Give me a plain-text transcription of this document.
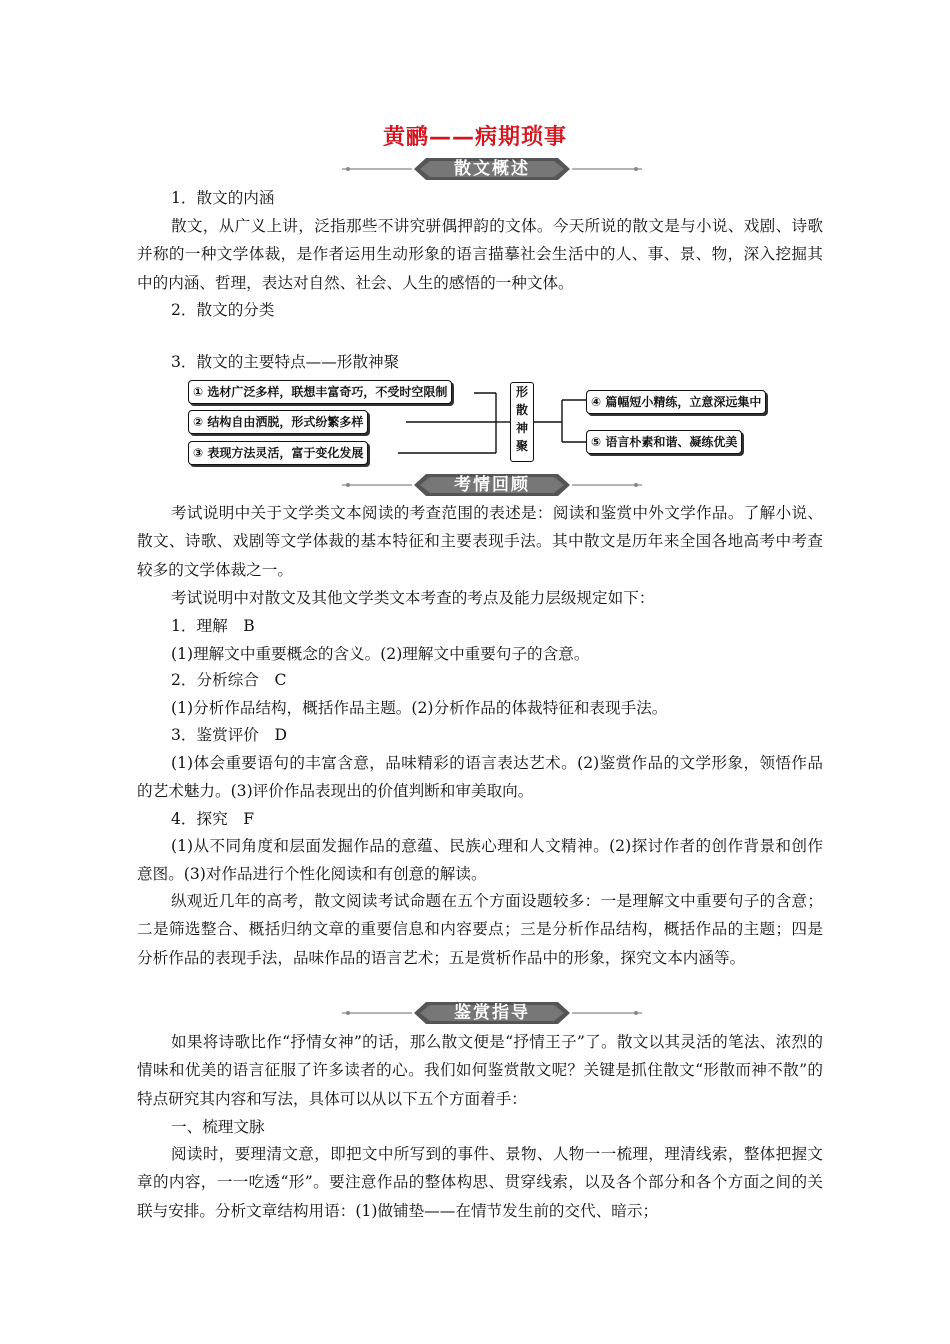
黄鹂——病期琐事
散文概述
1．散文的内涵
散文，从广义上讲，泛指那些不讲究骈偶押韵的文体。今天所说的散文是与小说、戏剧、诗歌并称的一种文学体裁，是作者运用生动形象的语言描摹社会生活中的人、事、景、物，深入挖掘其中的内涵、哲理，表达对自然、社会、人生的感悟的一种文体。
2．散文的分类
3．散文的主要特点——形散神聚
① 选材广泛多样，联想丰富奇巧，不受时空限制
② 结构自由洒脱，形式纷繁多样
③ 表现方法灵活，富于变化发展
形散神聚
④ 篇幅短小精练，立意深远集中
⑤ 语言朴素和谐、凝练优美
考情回顾
考试说明中关于文学类文本阅读的考查范围的表述是：阅读和鉴赏中外文学作品。了解小说、散文、诗歌、戏剧等文学体裁的基本特征和主要表现手法。其中散文是历年来全国各地高考中考查较多的文学体裁之一。
考试说明中对散文及其他文学类文本考查的考点及能力层级规定如下：
1．理解　B
(1)理解文中重要概念的含义。(2)理解文中重要句子的含意。
2．分析综合　C
(1)分析作品结构，概括作品主题。(2)分析作品的体裁特征和表现手法。
3．鉴赏评价　D
(1)体会重要语句的丰富含意，品味精彩的语言表达艺术。(2)鉴赏作品的文学形象，领悟作品的艺术魅力。(3)评价作品表现出的价值判断和审美取向。
4．探究　F
(1)从不同角度和层面发掘作品的意蕴、民族心理和人文精神。(2)探讨作者的创作背景和创作意图。(3)对作品进行个性化阅读和有创意的解读。
纵观近几年的高考，散文阅读考试命题在五个方面设题较多：一是理解文中重要句子的含意；二是筛选整合、概括归纳文章的重要信息和内容要点；三是分析作品结构，概括作品的主题；四是分析作品的表现手法，品味作品的语言艺术；五是赏析作品中的形象，探究文本内涵等。
鉴赏指导
如果将诗歌比作“抒情女神”的话，那么散文便是“抒情王子”了。散文以其灵活的笔法、浓烈的情味和优美的语言征服了许多读者的心。我们如何鉴赏散文呢？关键是抓住散文“形散而神不散”的特点研究其内容和写法，具体可以从以下五个方面着手：
一、梳理文脉
阅读时，要理清文意，即把文中所写到的事件、景物、人物一一梳理，理清线索，整体把握文章的内容，一一吃透“形”。要注意作品的整体构思、贯穿线索，以及各个部分和各个方面之间的关联与安排。分析文章结构用语：(1)做铺垫——在情节发生前的交代、暗示；
